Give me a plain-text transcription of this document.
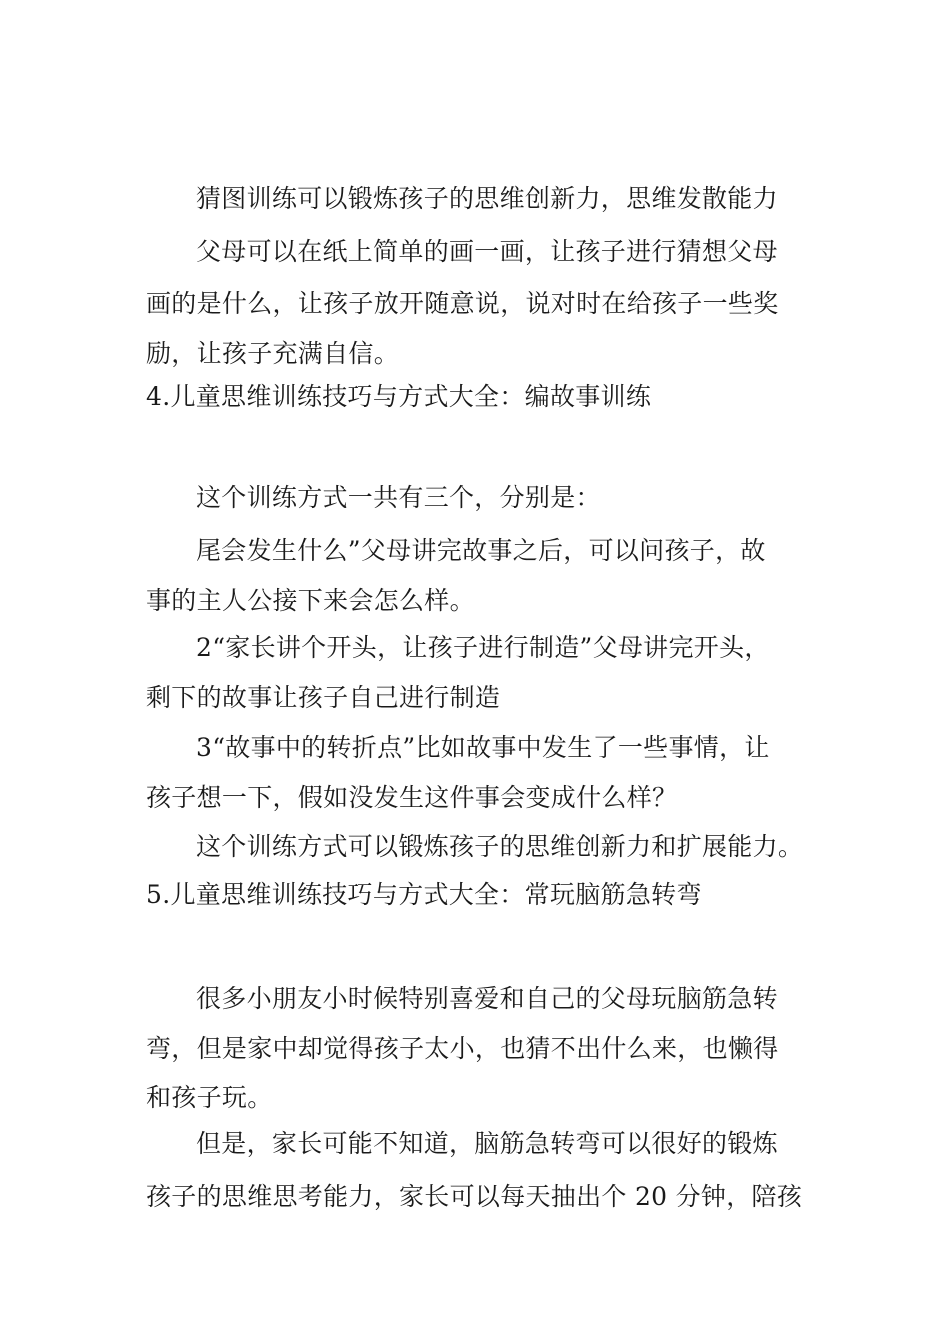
猜图训练可以锻炼孩子的思维创新力，思维发散能力
父母可以在纸上简单的画一画，让孩子进行猜想父母
画的是什么，让孩子放开随意说，说对时在给孩子一些奖
励，让孩子充满自信。
4.儿童思维训练技巧与方式大全：编故事训练
这个训练方式一共有三个，分别是：
尾会发生什么”父母讲完故事之后，可以问孩子，故
事的主人公接下来会怎么样。
2“家长讲个开头，让孩子进行制造”父母讲完开头，
剩下的故事让孩子自己进行制造
3“故事中的转折点”比如故事中发生了一些事情，让
孩子想一下，假如没发生这件事会变成什么样？
这个训练方式可以锻炼孩子的思维创新力和扩展能力。
5.儿童思维训练技巧与方式大全：常玩脑筋急转弯
很多小朋友小时候特别喜爱和自己的父母玩脑筋急转
弯，但是家中却觉得孩子太小，也猜不出什么来，也懒得
和孩子玩。
但是，家长可能不知道，脑筋急转弯可以很好的锻炼
孩子的思维思考能力，家长可以每天抽出个 20 分钟，陪孩
